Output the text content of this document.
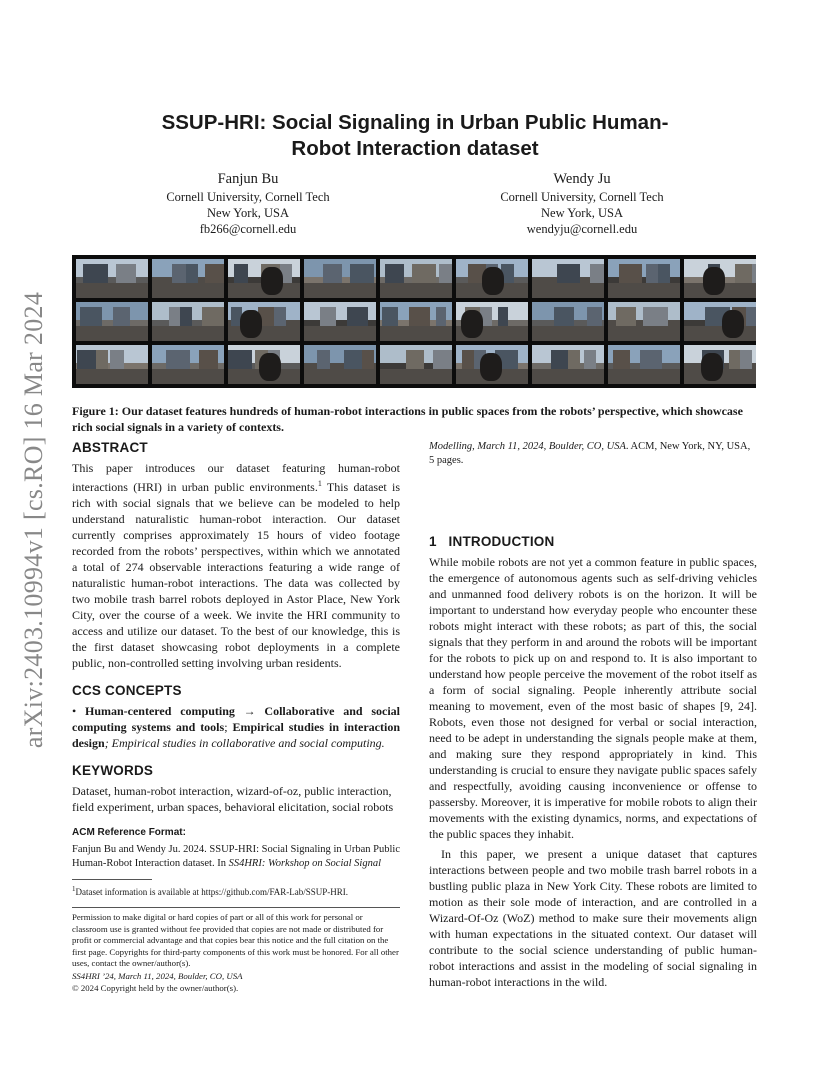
arXiv:2403.10994v1 [cs.RO] 16 Mar 2024
SSUP-HRI: Social Signaling in Urban Public Human-Robot Interaction dataset
Fanjun Bu
Cornell University, Cornell Tech
New York, USA
fb266@cornell.edu
Wendy Ju
Cornell University, Cornell Tech
New York, USA
wendyju@cornell.edu

Figure 1: Our dataset features hundreds of human-robot interactions in public spaces from the robots’ perspective, which showcase rich social signals in a variety of contexts.

ABSTRACT

This paper introduces our dataset featuring human-robot interactions (HRI) in urban public environments.$^1$ This dataset is rich with social signals that we believe can be modeled to help understand naturalistic human-robot interaction. Our dataset currently comprises approximately 15 hours of video footage recorded from the robots’ perspectives, within which we annotated a total of 274 observable interactions featuring a wide range of naturalistic human-robot interactions. The data was collected by two mobile trash barrel robots deployed in Astor Place, New York City, over the course of a week. We invite the HRI community to access and utilize our dataset. To the best of our knowledge, this is the first dataset showcasing robot deployments in a complete public, non-controlled setting involving urban residents.

CCS CONCEPTS

• Human-centered computing → Collaborative and social computing systems and tools; Empirical studies in interaction design; Empirical studies in collaborative and social computing.

KEYWORDS

Dataset, human-robot interaction, wizard-of-oz, public interaction, field experiment, urban spaces, behavioral elicitation, social robots

ACM Reference Format:

Fanjun Bu and Wendy Ju. 2024. SSUP-HRI: Social Signaling in Urban Public Human-Robot Interaction dataset. In SS4HRI: Workshop on Social Signal

$^1$Dataset information is available at https://github.com/FAR-Lab/SSUP-HRI.

Permission to make digital or hard copies of part or all of this work for personal or classroom use is granted without fee provided that copies are not made or distributed for profit or commercial advantage and that copies bear this notice and the full citation on the first page. Copyrights for third-party components of this work must be honored. For all other uses, contact the owner/author(s).

SS4HRI ’24, March 11, 2024, Boulder, CO, USA

© 2024 Copyright held by the owner/author(s).

Modelling, March 11, 2024, Boulder, CO, USA. ACM, New York, NY, USA, 5 pages.

1   INTRODUCTION

While mobile robots are not yet a common feature in public spaces, the emergence of autonomous agents such as self-driving vehicles and unmanned food delivery robots is on the horizon. It will be important to understand how everyday people who encounter these robots might interact with these robots; as part of this, the social signals that they perform in and around the robots will be important for the robots to pick up on and respond to. It is also important to understand how people perceive the movement of the robot itself as a form of social signaling. People inherently attribute social meaning to movement, even of the most basic of shapes [9, 24]. Robots, even those not designed for verbal or social interaction, need to be adept in understanding the signals people make at them, and making sure they respond appropriately in kind. This understanding is crucial to ensure they navigate public spaces safely and respectfully, avoiding causing inconvenience or offense to passersby. Moreover, it is imperative for mobile robots to align their movements with the existing dynamics, norms, and expectations of the public spaces they inhabit.

In this paper, we present a unique dataset that captures interactions between people and two mobile trash barrel robots in a bustling public plaza in New York City. These robots are limited to motion as their sole mode of interaction, and are controlled in a Wizard-Of-Oz (WoZ) method to make sure their movements align with human expectations in the situated context. Our dataset will contribute to the social science understanding of public human-robot interactions and assist in the modeling of social signaling in human-robot interactions in the wild.
